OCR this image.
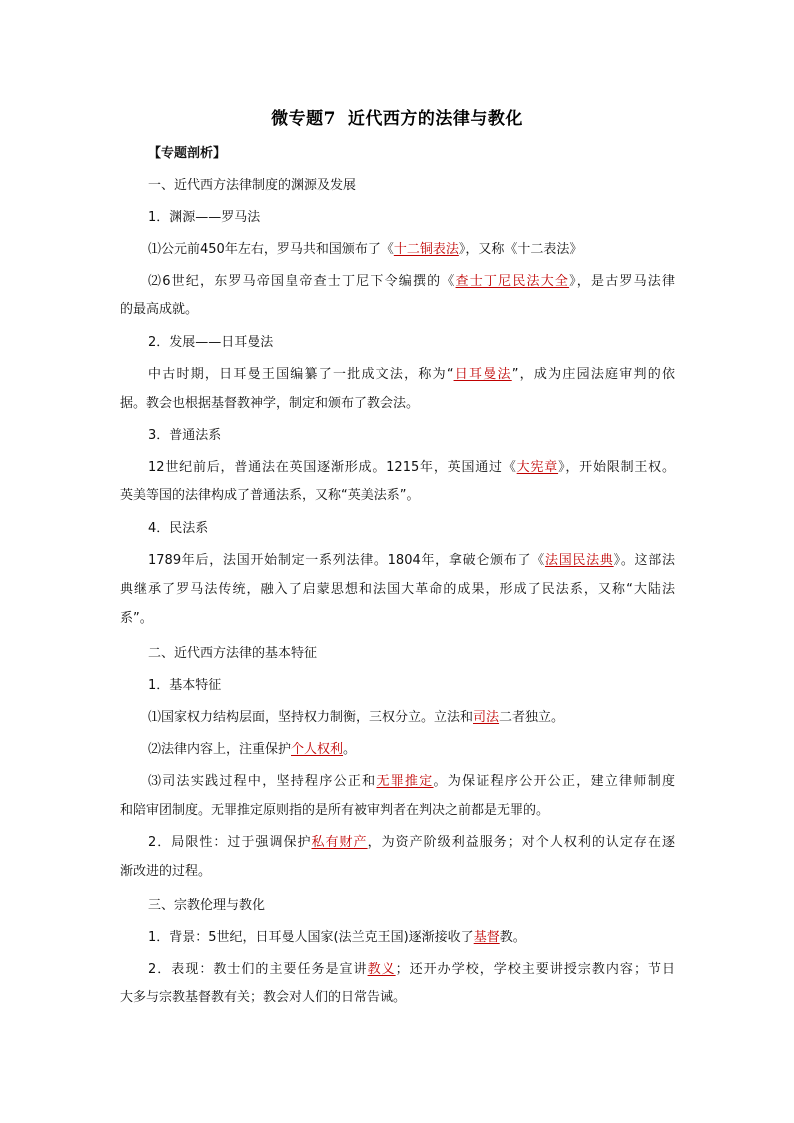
微专题7 近代西方的法律与教化
【专题剖析】
一、近代西方法律制度的渊源及发展
1．渊源——罗马法
⑴公元前450年左右，罗马共和国颁布了《十二铜表法》，又称《十二表法》
⑵6世纪，东罗马帝国皇帝查士丁尼下令编撰的《查士丁尼民法大全》，是古罗马法律
的最高成就。
2．发展——日耳曼法
中古时期，日耳曼王国编纂了一批成文法，称为“日耳曼法”，成为庄园法庭审判的依
据。教会也根据基督教神学，制定和颁布了教会法。
3．普通法系
12世纪前后，普通法在英国逐渐形成。1215年，英国通过《大宪章》，开始限制王权。
英美等国的法律构成了普通法系，又称“英美法系”。
4．民法系
1789年后，法国开始制定一系列法律。1804年，拿破仑颁布了《法国民法典》。这部法
典继承了罗马法传统，融入了启蒙思想和法国大革命的成果，形成了民法系，又称“大陆法
系”。
二、近代西方法律的基本特征
1．基本特征
⑴国家权力结构层面，坚持权力制衡，三权分立。立法和司法二者独立。
⑵法律内容上，注重保护个人权利。
⑶司法实践过程中，坚持程序公正和无罪推定。为保证程序公开公正，建立律师制度
和陪审团制度。无罪推定原则指的是所有被审判者在判决之前都是无罪的。
2．局限性：过于强调保护私有财产，为资产阶级利益服务；对个人权利的认定存在逐
渐改进的过程。
三、宗教伦理与教化
1．背景：5世纪，日耳曼人国家(法兰克王国)逐渐接收了基督教。
2．表现：教士们的主要任务是宣讲教义；还开办学校，学校主要讲授宗教内容；节日
大多与宗教基督教有关；教会对人们的日常告诫。
